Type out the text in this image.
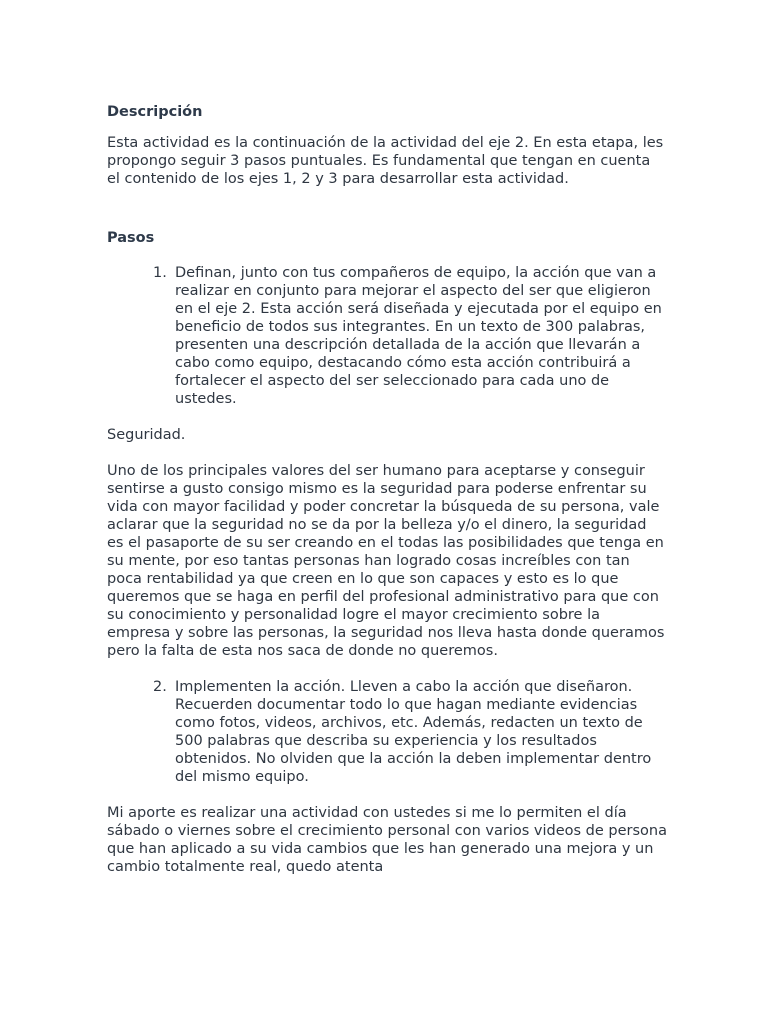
Descripción

Esta actividad es la continuación de la actividad del eje 2. En esta etapa, les propongo seguir 3 pasos puntuales. Es fundamental que tengan en cuenta el contenido de los ejes 1, 2 y 3 para desarrollar esta actividad.

Pasos

1. Definan, junto con tus compañeros de equipo, la acción que van a realizar en conjunto para mejorar el aspecto del ser que eligieron en el eje 2. Esta acción será diseñada y ejecutada por el equipo en beneficio de todos sus integrantes. En un texto de 300 palabras, presenten una descripción detallada de la acción que llevarán a cabo como equipo, destacando cómo esta acción contribuirá a fortalecer el aspecto del ser seleccionado para cada uno de ustedes.

Seguridad.

Uno de los principales valores del ser humano para aceptarse y conseguir sentirse a gusto consigo mismo es la seguridad para poderse enfrentar su vida con mayor facilidad y poder concretar la búsqueda de su persona, vale aclarar que la seguridad no se da por la belleza y/o el dinero, la seguridad es el pasaporte de su ser creando en el todas las posibilidades que tenga en su mente, por eso tantas personas han logrado cosas increíbles con tan poca rentabilidad ya que creen en lo que son capaces y esto es lo que queremos que se haga en perfil del profesional administrativo para que con su conocimiento y personalidad logre el mayor crecimiento sobre la empresa y sobre las personas, la seguridad nos lleva hasta donde queramos pero la falta de esta nos saca de donde no queremos.

2. Implementen la acción. Lleven a cabo la acción que diseñaron. Recuerden documentar todo lo que hagan mediante evidencias como fotos, videos, archivos, etc. Además, redacten un texto de 500 palabras que describa su experiencia y los resultados obtenidos. No olviden que la acción la deben implementar dentro del mismo equipo.

Mi aporte es realizar una actividad con ustedes si me lo permiten el día sábado o viernes sobre el crecimiento personal con varios videos de persona que han aplicado a su vida cambios que les han generado una mejora y un cambio totalmente real, quedo atenta
